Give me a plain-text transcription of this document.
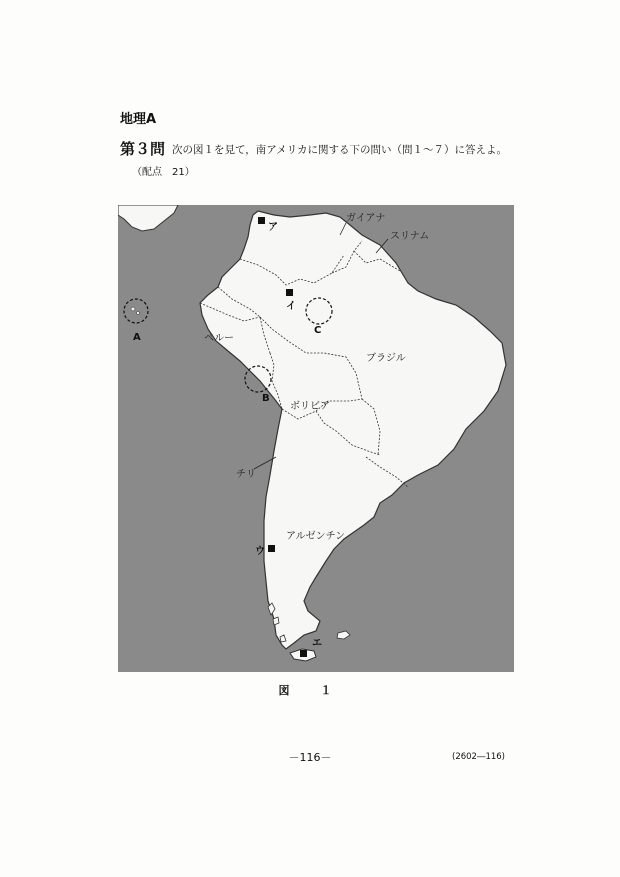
地理A
第３問 次の図１を見て，南アメリカに関する下の問い（問１～７）に答えよ。
（配点　21）
A
B
C
ア
イ
ウ
エ
ガイアナ
スリナム
ペルー
ブラジル
ボリビア
チリ
アルゼンチン
図　１
－116－	(2602―116)
